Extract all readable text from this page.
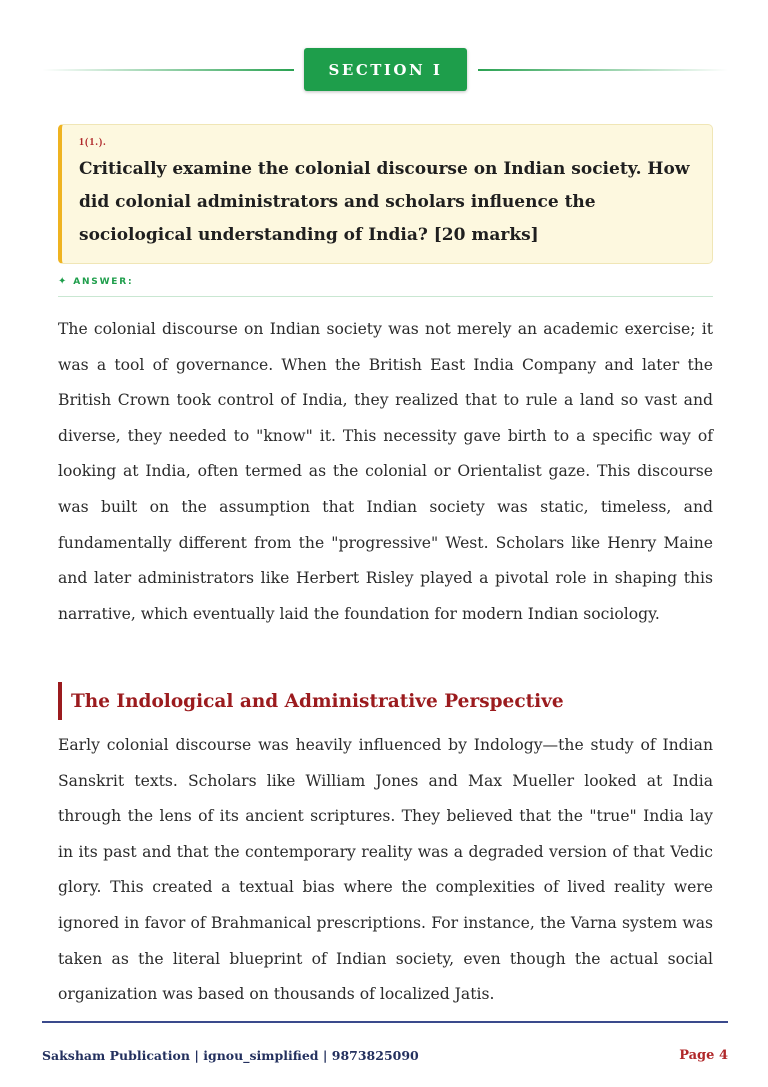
SECTION I
1(1.).
Critically examine the colonial discourse on Indian society. How did colonial administrators and scholars influence the sociological understanding of India? [20 marks]
✦ ANSWER:

The colonial discourse on Indian society was not merely an academic exercise; it was a tool of governance. When the British East India Company and later the British Crown took control of India, they realized that to rule a land so vast and diverse, they needed to "know" it. This necessity gave birth to a specific way of looking at India, often termed as the colonial or Orientalist gaze. This discourse was built on the assumption that Indian society was static, timeless, and fundamentally different from the "progressive" West. Scholars like Henry Maine and later administrators like Herbert Risley played a pivotal role in shaping this narrative, which eventually laid the foundation for modern Indian sociology.

The Indological and Administrative Perspective

Early colonial discourse was heavily influenced by Indology—the study of Indian Sanskrit texts. Scholars like William Jones and Max Mueller looked at India through the lens of its ancient scriptures. They believed that the "true" India lay in its past and that the contemporary reality was a degraded version of that Vedic glory. This created a textual bias where the complexities of lived reality were ignored in favor of Brahmanical prescriptions. For instance, the Varna system was taken as the literal blueprint of Indian society, even though the actual social organization was based on thousands of localized Jatis.

Saksham Publication | ignou_simplified | 9873825090	Page 4
